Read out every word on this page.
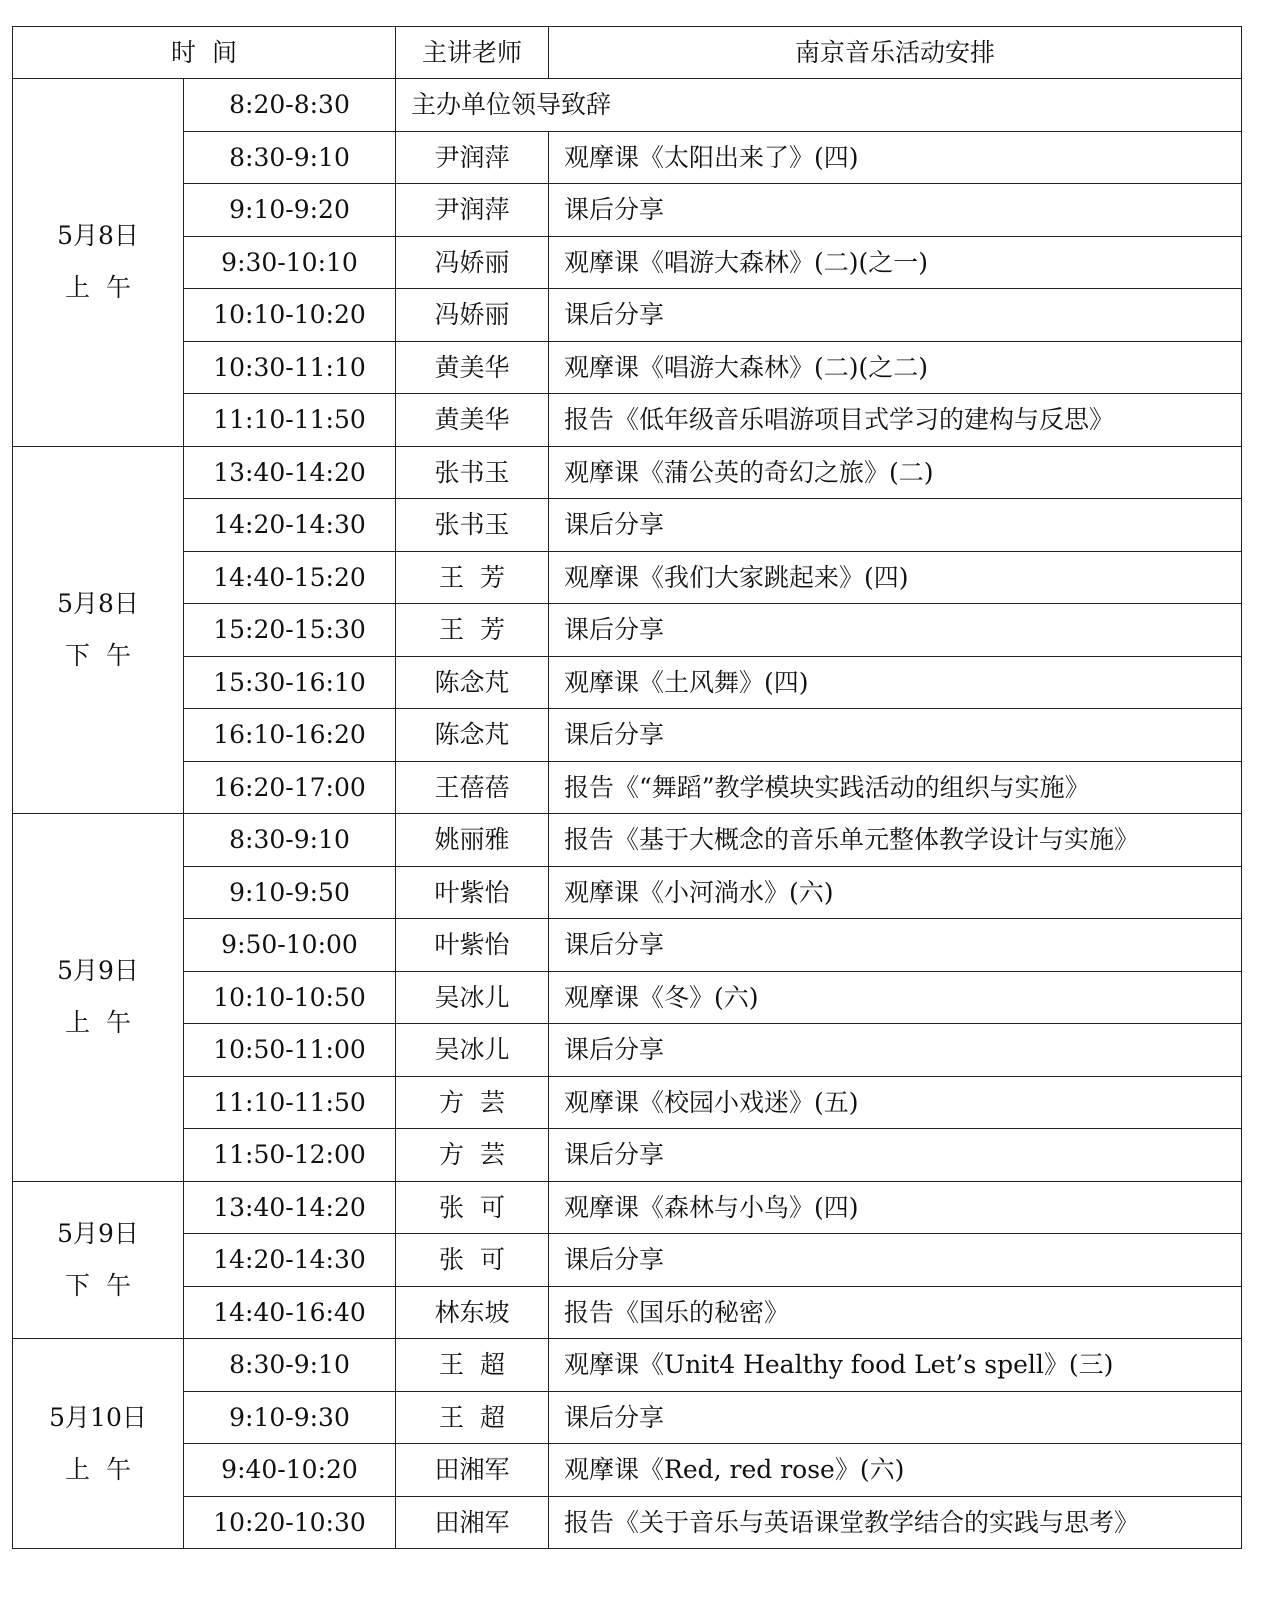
时  间		主讲老师	南京音乐活动安排

5月8日
上  午	8:20-8:30	主办单位领导致辞	
	8:30-9:10	尹润萍	观摩课《太阳出来了》(四)
	9:10-9:20	尹润萍	课后分享
	9:30-10:10	冯娇丽	观摩课《唱游大森林》(二)(之一)
	10:10-10:20	冯娇丽	课后分享
	10:30-11:10	黄美华	观摩课《唱游大森林》(二)(之二)
	11:10-11:50	黄美华	报告《低年级音乐唱游项目式学习的建构与反思》

5月8日
下  午	13:40-14:20	张书玉	观摩课《蒲公英的奇幻之旅》(二)
	14:20-14:30	张书玉	课后分享
	14:40-15:20	王  芳	观摩课《我们大家跳起来》(四)
	15:20-15:30	王  芳	课后分享
	15:30-16:10	陈念芃	观摩课《土风舞》(四)
	16:10-16:20	陈念芃	课后分享
	16:20-17:00	王蓓蓓	报告《“舞蹈”教学模块实践活动的组织与实施》

5月9日
上  午	8:30-9:10	姚丽雅	报告《基于大概念的音乐单元整体教学设计与实施》
	9:10-9:50	叶紫怡	观摩课《小河淌水》(六)
	9:50-10:00	叶紫怡	课后分享
	10:10-10:50	吴冰儿	观摩课《冬》(六)
	10:50-11:00	吴冰儿	课后分享
	11:10-11:50	方  芸	观摩课《校园小戏迷》(五)
	11:50-12:00	方  芸	课后分享

5月9日
下  午	13:40-14:20	张  可	观摩课《森林与小鸟》(四)
	14:20-14:30	张  可	课后分享
	14:40-16:40	林东坡	报告《国乐的秘密》

5月10日
上  午	8:30-9:10	王  超	观摩课《Unit4 Healthy food Let’s spell》(三)
	9:10-9:30	王  超	课后分享
	9:40-10:20	田湘军	观摩课《Red, red rose》(六)
	10:20-10:30	田湘军	报告《关于音乐与英语课堂教学结合的实践与思考》
